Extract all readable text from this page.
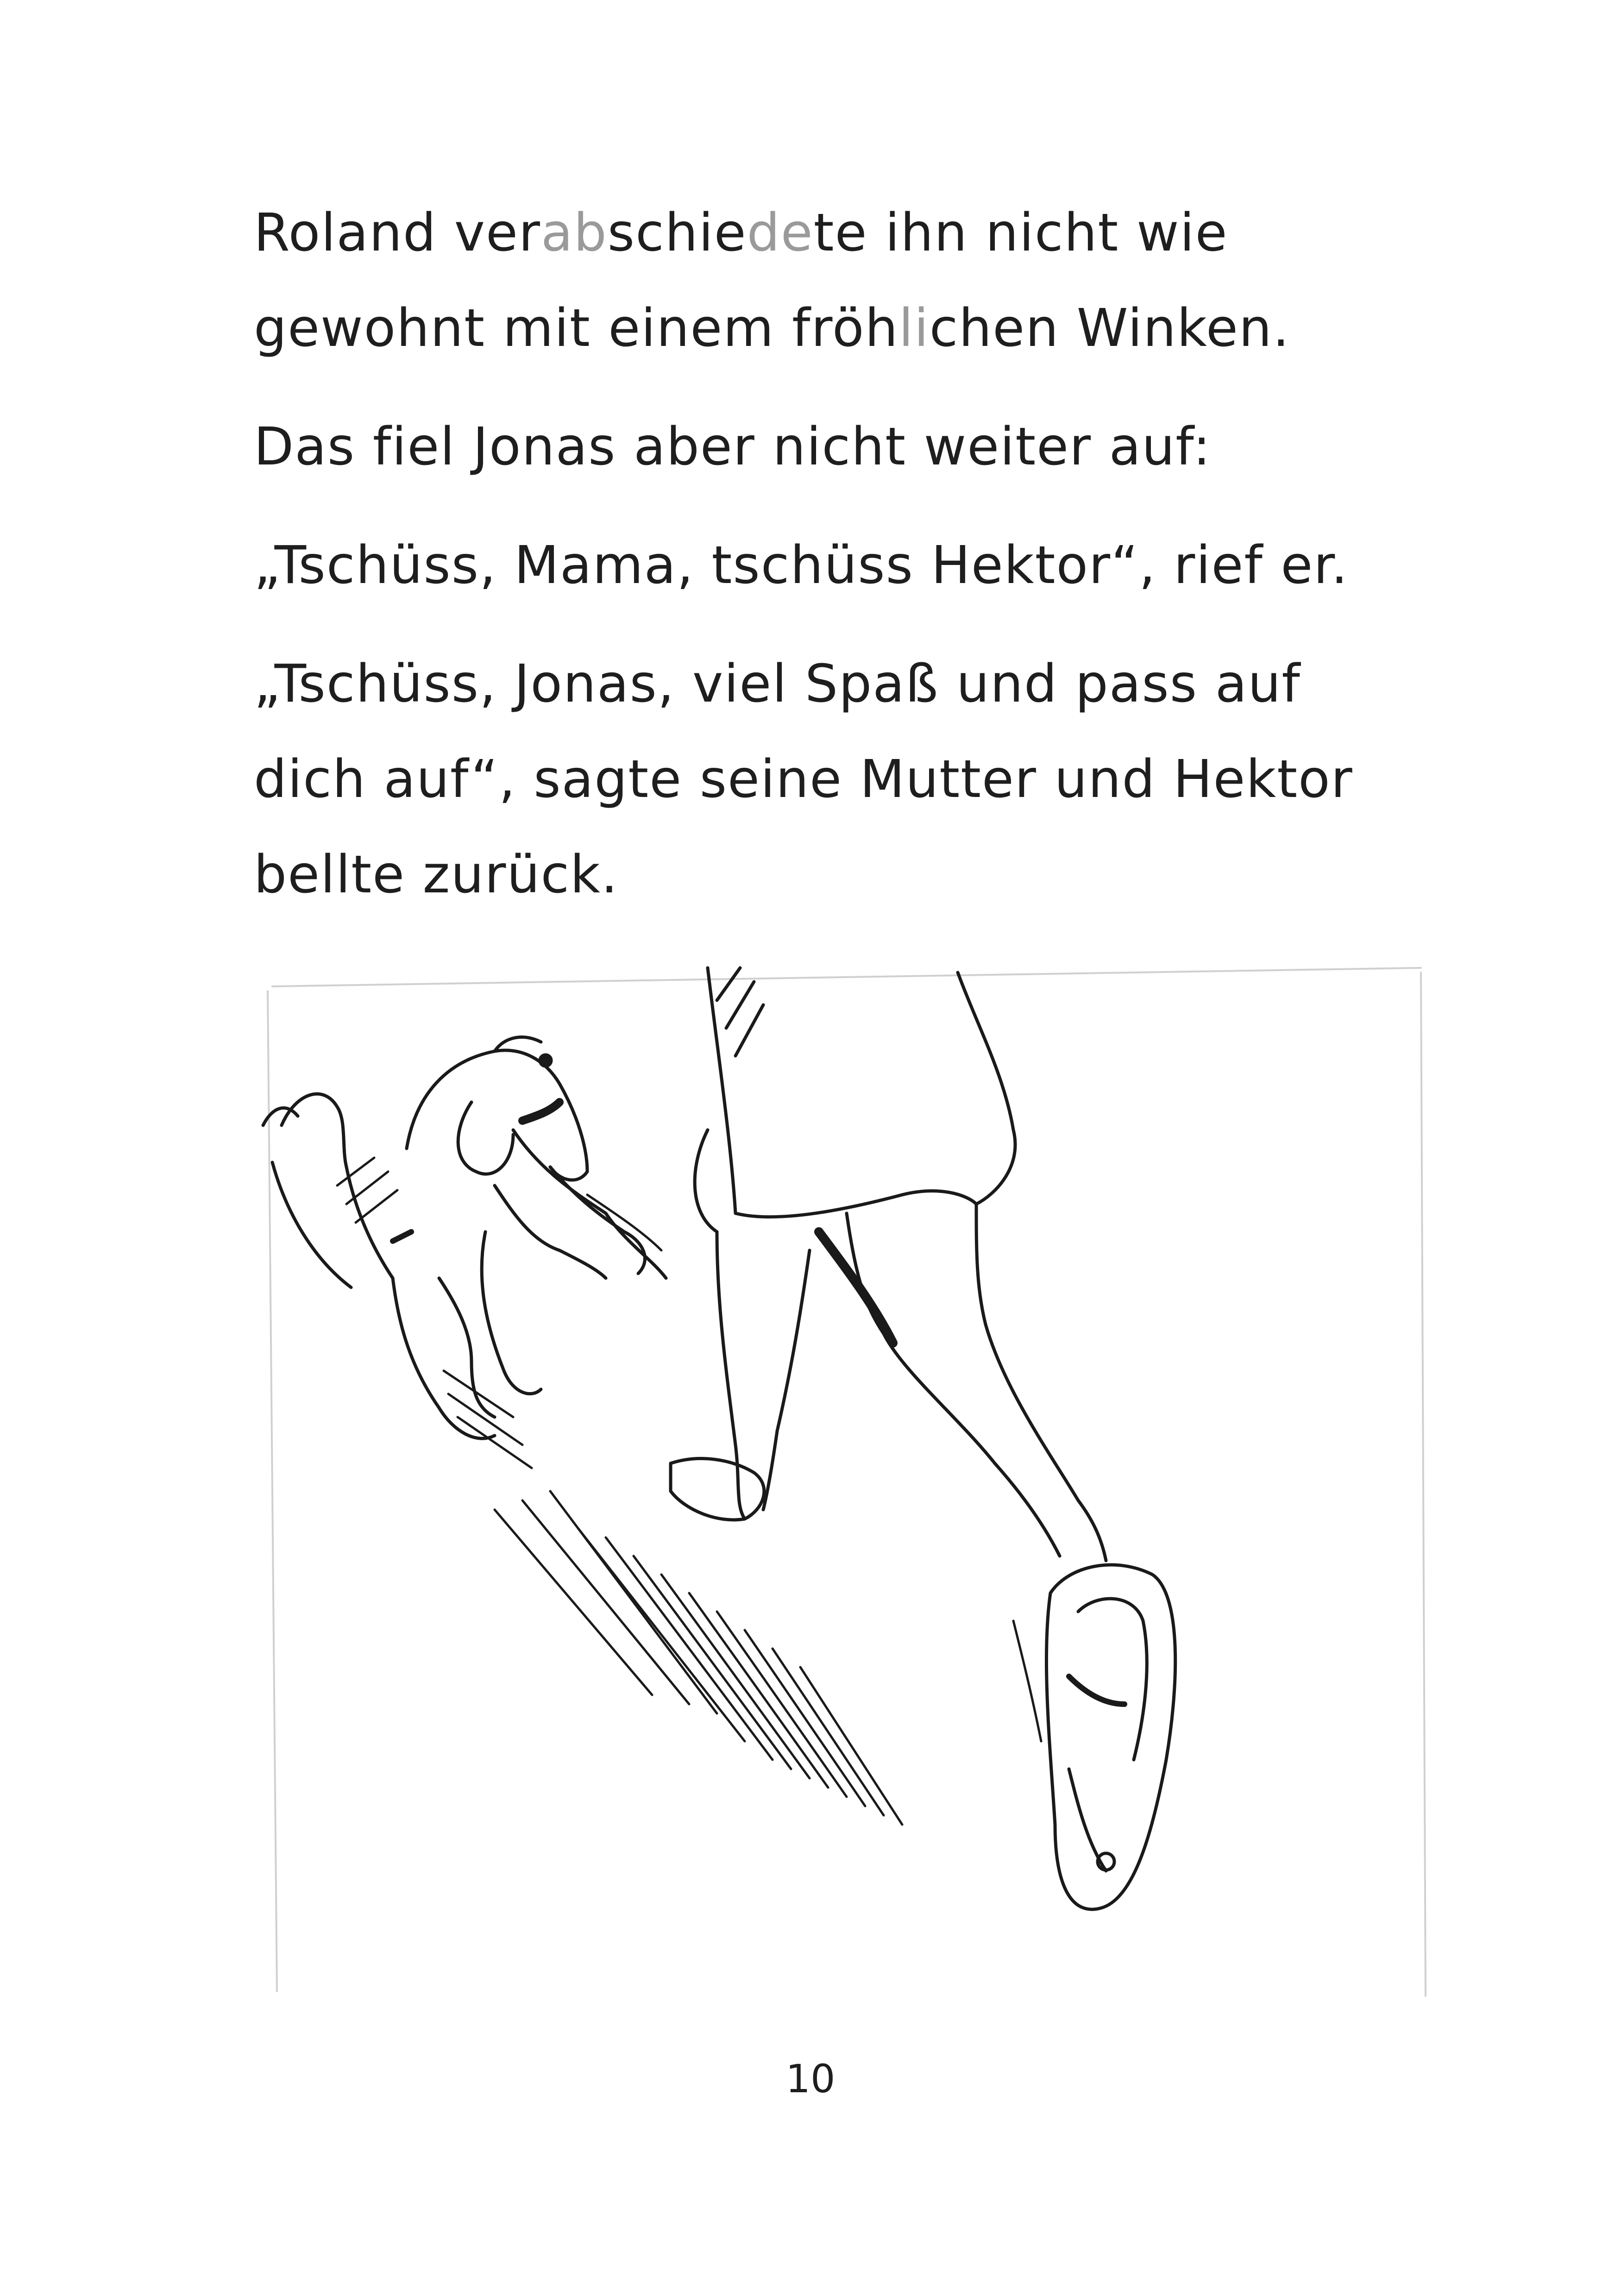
Roland verabschiedete ihn nicht wie
gewohnt mit einem fröhlichen Winken.

Das fiel Jonas aber nicht weiter auf:

„Tschüss, Mama, tschüss Hektor“, rief er.

„Tschüss, Jonas, viel Spaß und pass auf
dich auf“, sagte seine Mutter und Hektor
bellte zurück.

10
